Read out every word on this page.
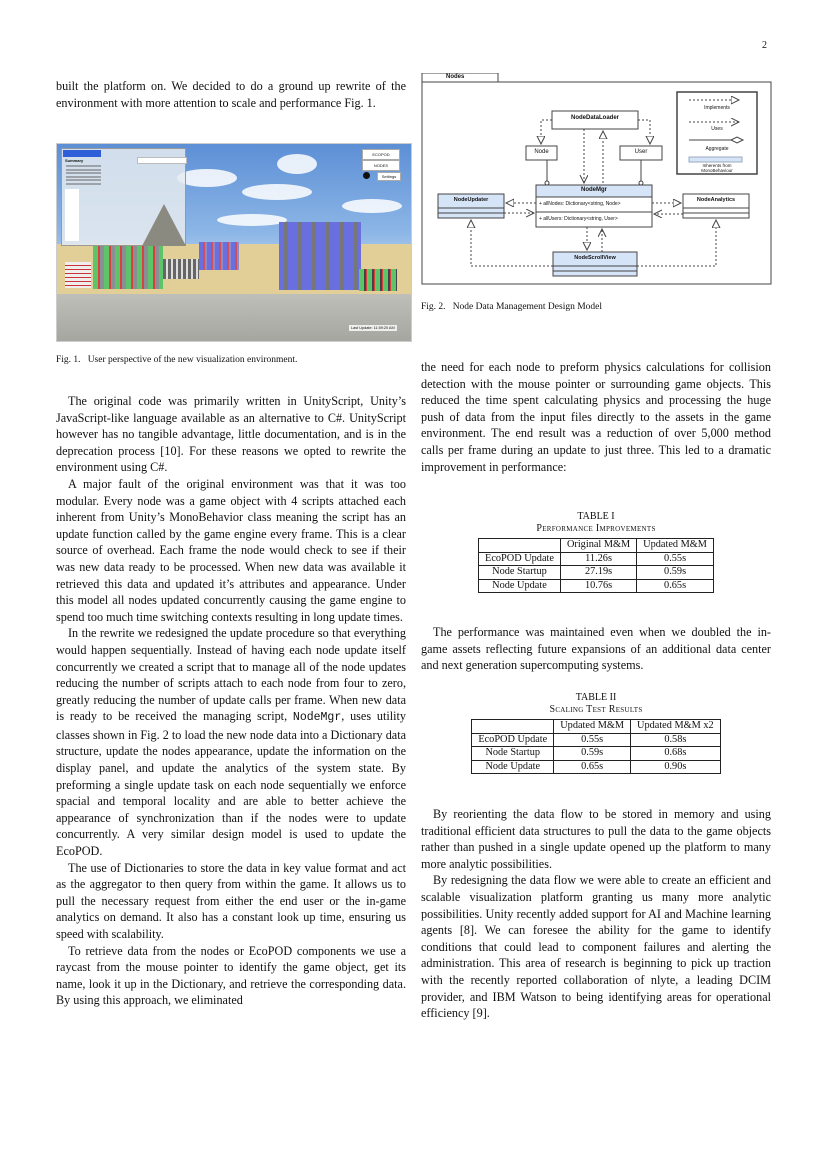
2

built the platform on. We decided to do a ground up rewrite of the environment with more attention to scale and performance Fig. 1.

Summary
ECOPOD
NODES
Settings
Last Update: 11:59:20 AM
Fig. 1. User perspective of the new visualization environment.

The original code was primarily written in UnityScript, Unity’s JavaScript-like language available as an alternative to C#. UnityScript however has no tangible advantage, little documentation, and is in the deprecation process [10]. For these reasons we opted to rewrite the environment using C#.

A major fault of the original environment was that it was too modular. Every node was a game object with 4 scripts attached each inherent from Unity’s MonoBehavior class meaning the script has an update function called by the game engine every frame. This is a clear source of overhead. Each frame the node would check to see if their was new data ready to be processed. When new data was available it retrieved this data and updated it’s attributes and appearance. Under this model all nodes updated concurrently causing the game engine to spend too much time switching contexts resulting in long update times.

In the rewrite we redesigned the update procedure so that everything would happen sequentially. Instead of having each node update itself concurrently we created a script that to manage all of the node updates reducing the number of scripts attach to each node from four to zero, greatly reducing the number of update calls per frame. When new data is ready to be received the managing script, NodeMgr, uses utility classes shown in Fig. 2 to load the new node data into a Dictionary data structure, update the nodes appearance, update the information on the display panel, and update the analytics of the system state. By preforming a single update task on each node sequentially we enforce spacial and temporal locality and are able to better achieve the appearance of synchronization than if the nodes were to update concurrently. A very similar design model is used to update the EcoPOD.

The use of Dictionaries to store the data in key value format and act as the aggregator to then query from within the game. It allows us to pull the necessary request from either the end user or the in-game analytics on demand. It also has a constant look up time, ensuring us speed with scalability.

To retrieve data from the nodes or EcoPOD components we use a raycast from the mouse pointer to identify the game object, get its name, look it up in the Dictionary, and retrieve the corresponding data. By using this approach, we eliminated

Nodes
NodeDataLoader
Node	User
NodeMgr
+ allNodes: Dictionary<string, Node>
+ allUsers: Dictionary<string, User>
NodeUpdater	NodeAnalytics
NodeScrollView
Implements
Uses
Aggregate
Inherents from
MonoBehaviour
Fig. 2. Node Data Management Design Model

the need for each node to preform physics calculations for collision detection with the mouse pointer or surrounding game objects. This reduced the time spent calculating physics and processing the huge push of data from the input files directly to the assets in the game environment. The end result was a reduction of over 5,000 method calls per frame during an update to just three. This led to a dramatic improvement in performance:

TABLE I
Performance Improvements
	Original M&M	Updated M&M
EcoPOD Update	11.26s	0.55s
Node Startup	27.19s	0.59s
Node Update	10.76s	0.65s

The performance was maintained even when we doubled the in-game assets reflecting future expansions of an additional data center and next generation supercomputing systems.

TABLE II
Scaling Test Results
	Updated M&M	Updated M&M x2
EcoPOD Update	0.55s	0.58s
Node Startup	0.59s	0.68s
Node Update	0.65s	0.90s

By reorienting the data flow to be stored in memory and using traditional efficient data structures to pull the data to the game objects rather than pushed in a single update opened up the platform to many more analytic possibilities.

By redesigning the data flow we were able to create an efficient and scalable visualization platform granting us many more analytic possibilities. Unity recently added support for AI and Machine learning agents [8]. We can foresee the ability for the game to identify conditions that could lead to component failures and alerting the administration. This area of research is beginning to pick up traction with the recently reported collaboration of nlyte, a leading DCIM provider, and IBM Watson to being identifying areas for operational efficiency [9].
